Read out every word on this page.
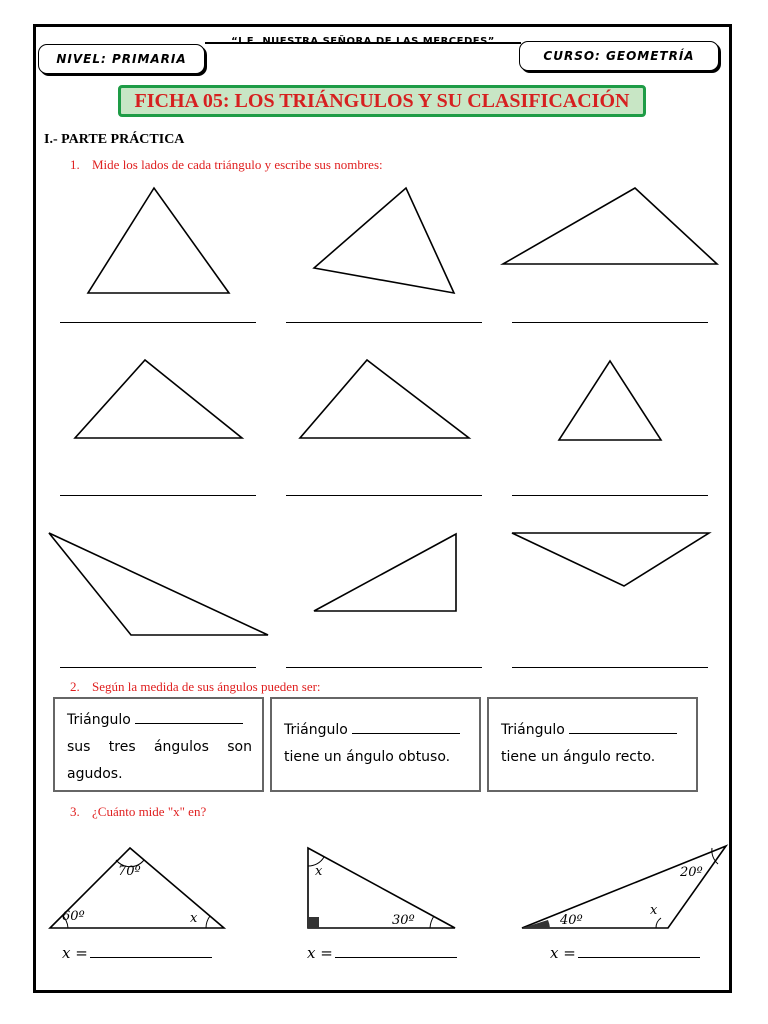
“I.E. NUESTRA SEÑORA DE LAS MERCEDES”
NIVEL: PRIMARIA	CURSO: GEOMETRÍA
FICHA 05: LOS TRIÁNGULOS Y SU CLASIFICACIÓN
I.- PARTE PRÁCTICA
1. Mide los lados de cada triángulo y escribe sus nombres:
2. Según la medida de sus ángulos pueden ser:
Triángulo
sus tres ángulos son
agudos.
Triángulo
tiene un ángulo obtuso.
Triángulo
tiene un ángulo recto.
3. ¿Cuánto mide "x" en?
70º
60º	x
x
30º	40º
x
20º
x =	x =	x =
